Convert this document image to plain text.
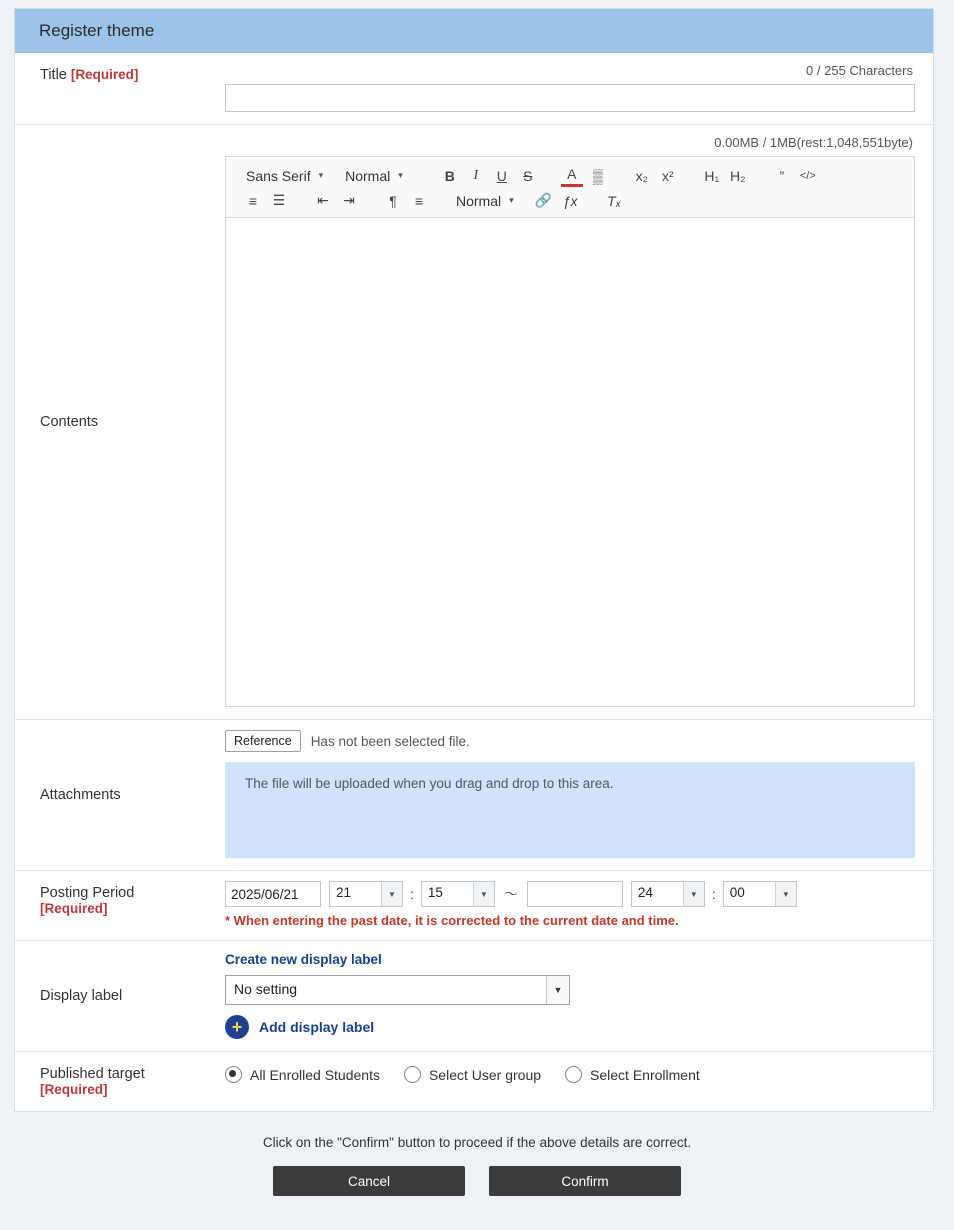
Register theme
Title [Required]	0 / 255 Characters
Contents
0.00MB / 1MB(rest:1,048,551byte)
Sans Serif ▾ Normal ▾	B	I	U	S	A	▒	x₂ x²	H₁ H₂	”	</>
≡	☰	⇤	⇥	¶	≡	Normal ▾ 🔗 ƒx Tₓ
Attachments
Reference	Has not been selected file.
The file will be uploaded when you drag and drop to this area.
Posting Period
[Required]
2025/06/21
21	▼	:	15	▼	〜	24	▼	:	00	▼
* When entering the past date, it is corrected to the current date and time.
Display label
Create new display label
No setting	▼
+	Add display label
Published target
[Required]
All Enrolled Students	Select User group	Select Enrollment
Click on the "Confirm" button to proceed if the above details are correct.
Cancel	Confirm
